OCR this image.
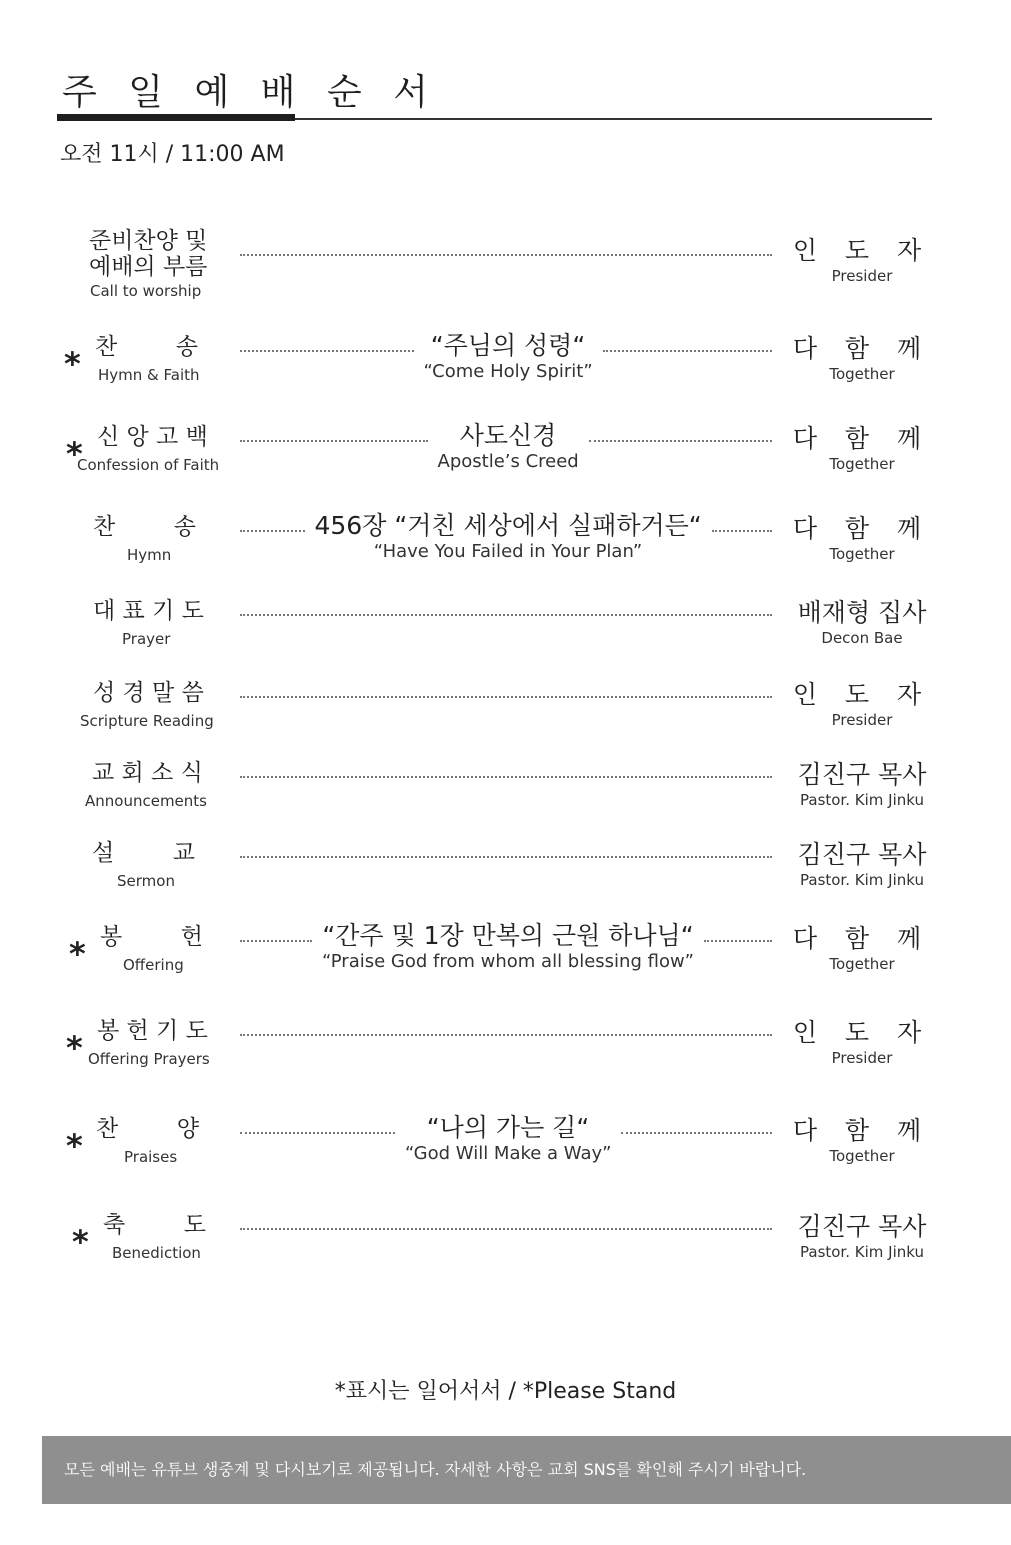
주 일 예 배 순 서
오전 11시 / 11:00 AM
준비찬양 및
예배의 부름
Call to worship
인 도 자
Presider
* 찬        송
Hymn & Faith
“주님의 성령“
“Come Holy Spirit”
다 함 께
Together
* 신 앙 고 백
Confession of Faith
사도신경
Apostle’s Creed
다 함 께
Together
찬        송
Hymn
456장 “거친 세상에서 실패하거든“
“Have You Failed in Your Plan”
다 함 께
Together
대 표 기 도
Prayer
배재형 집사
Decon Bae
성 경 말 씀
Scripture Reading
인 도 자
Presider
교 회 소 식
Announcements
김진구 목사
Pastor. Kim Jinku
설        교
Sermon
김진구 목사
Pastor. Kim Jinku
* 봉        헌
Offering
“간주 및 1장 만복의 근원 하나님“
“Praise God from whom all blessing flow”
다 함 께
Together
* 봉 헌 기 도
Offering Prayers
인 도 자
Presider
* 찬        양
Praises
“나의 가는 길“
“God Will Make a Way”
다 함 께
Together
* 축        도
Benediction
김진구 목사
Pastor. Kim Jinku
*표시는 일어서서 / *Please Stand
모든 예배는 유튜브 생중계 및 다시보기로 제공됩니다. 자세한 사항은 교회 SNS를 확인해 주시기 바랍니다.
